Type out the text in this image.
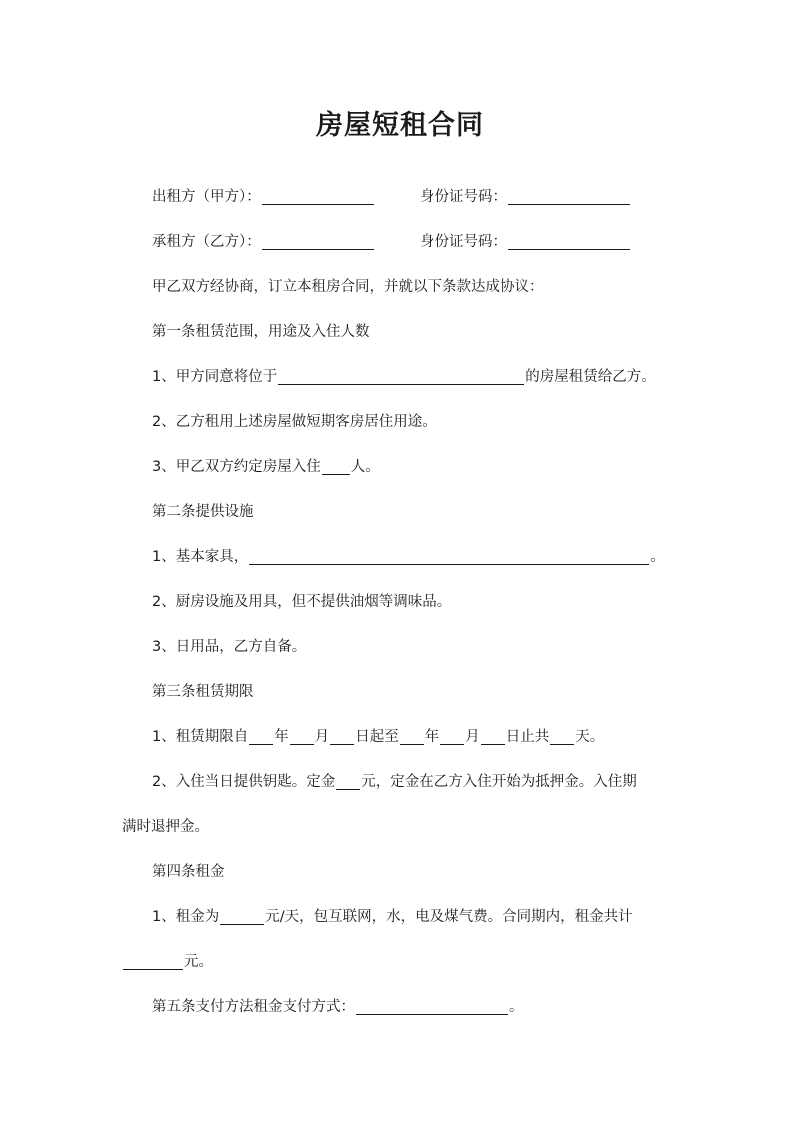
房屋短租合同
出租方（甲方）：	身份证号码：
承租方（乙方）：	身份证号码：
甲乙双方经协商，订立本租房合同，并就以下条款达成协议：
第一条租赁范围，用途及入住人数
1、甲方同意将位于	的房屋租赁给乙方。
2、乙方租用上述房屋做短期客房居住用途。
3、甲乙双方约定房屋入住 人。
第二条提供设施
1、基本家具，	。
2、厨房设施及用具，但不提供油烟等调味品。
3、日用品，乙方自备。
第三条租赁期限
1、租赁期限自 年 月 日起至 年 月 日止共 天。
2、入住当日提供钥匙。定金 元，定金在乙方入住开始为抵押金。入住期
满时退押金。
第四条租金
1、租金为	元/天，包互联网，水，电及煤气费。合同期内，租金共计
元。
第五条支付方法租金支付方式：	。
